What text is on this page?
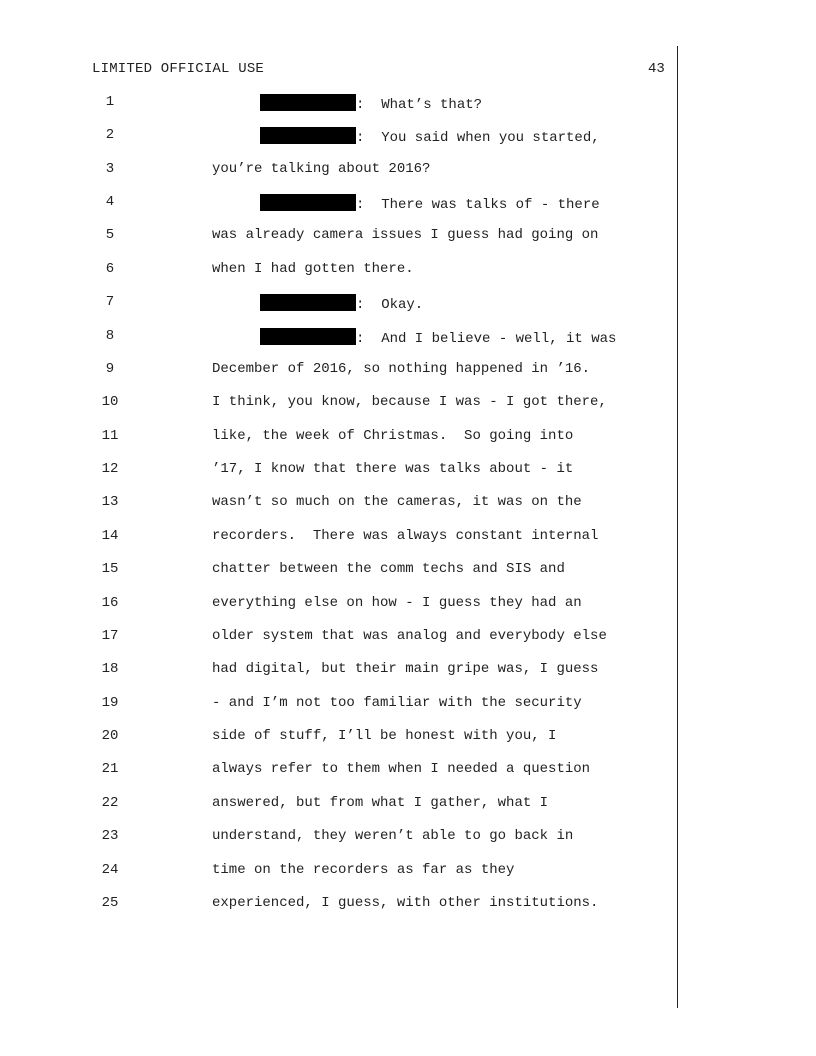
LIMITED OFFICIAL USE	43
1	:  What’s that?
2	:  You said when you started,
3	you’re talking about 2016?
4	:  There was talks of - there
5	was already camera issues I guess had going on
6	when I had gotten there.
7	:  Okay.
8	:  And I believe - well, it was
9	December of 2016, so nothing happened in ’16.
10	I think, you know, because I was - I got there,
11	like, the week of Christmas.  So going into
12	’17, I know that there was talks about - it
13	wasn’t so much on the cameras, it was on the
14	recorders.  There was always constant internal
15	chatter between the comm techs and SIS and
16	everything else on how - I guess they had an
17	older system that was analog and everybody else
18	had digital, but their main gripe was, I guess
19	- and I’m not too familiar with the security
20	side of stuff, I’ll be honest with you, I
21	always refer to them when I needed a question
22	answered, but from what I gather, what I
23	understand, they weren’t able to go back in
24	time on the recorders as far as they
25	experienced, I guess, with other institutions.
